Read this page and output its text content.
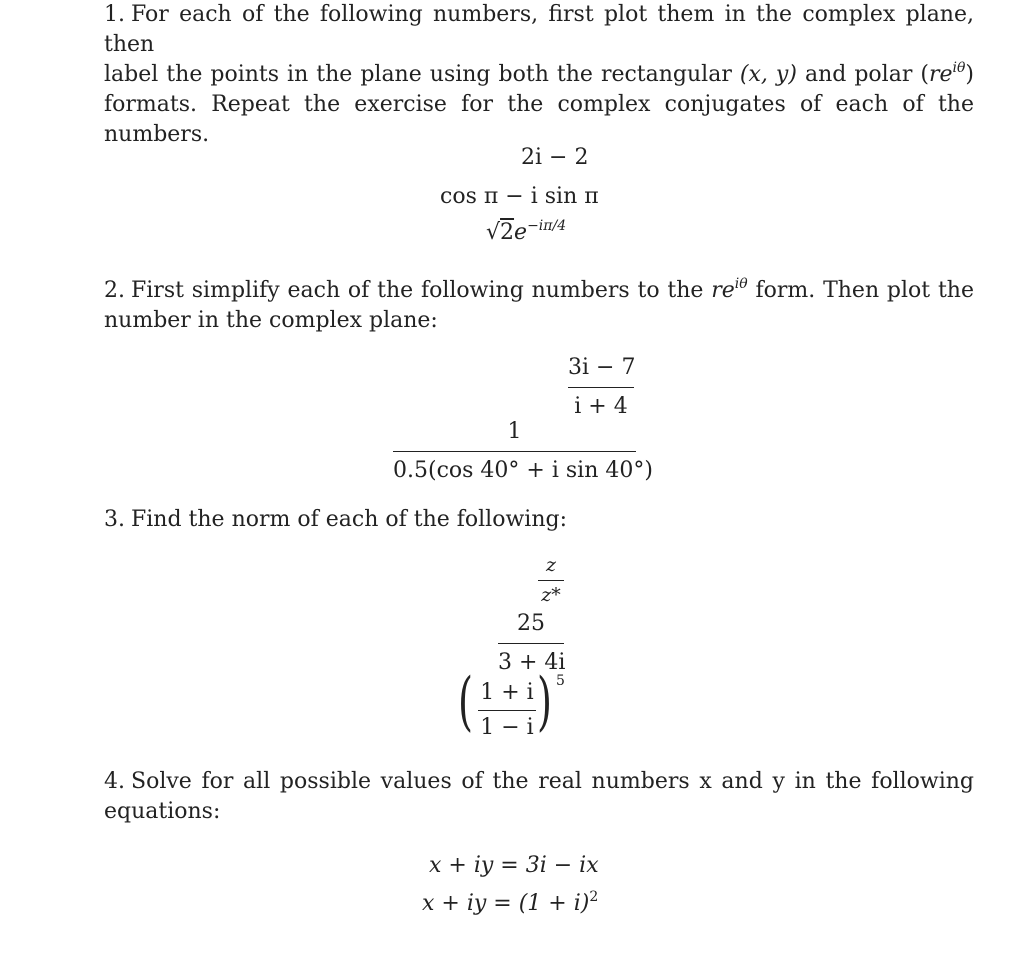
1. For each of the following numbers, first plot them in the complex plane, then
label the points in the plane using both the rectangular (x, y) and polar $(re^{i\theta})$
formats. Repeat the exercise for the complex conjugates of each of the numbers.
2i − 2
cos π − i sin π
$√2e^{-i\pi/4}$
2. First simplify each of the following numbers to the $re^{i\theta}$ form. Then plot the
number in the complex plane:
3i − 7
i + 4
1
0.5(cos 40° + i sin 40°)
3. Find the norm of each of the following:
z
z*
25
3 + 4i
( 1 + i
1 − i ) 5
4. Solve for all possible values of the real numbers x and y in the following
equations:
x + iy = 3i − ix
x + iy = $(1 + i)^2$
